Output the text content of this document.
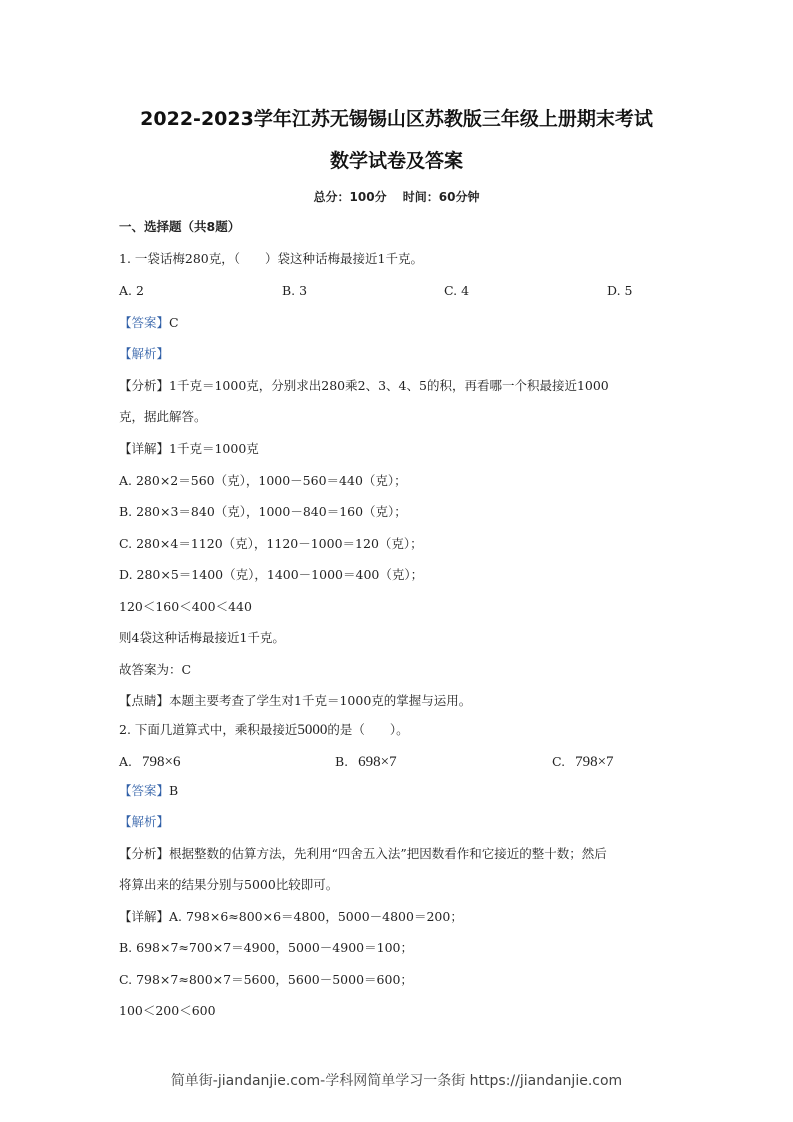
2022-2023学年江苏无锡锡山区苏教版三年级上册期末考试
数学试卷及答案
总分：100分 时间：60分钟
一、选择题（共8题）
1. 一袋话梅280克，（　　）袋这种话梅最接近1千克。
A. 2	B. 3	C. 4	D. 5
【答案】C
【解析】
【分析】1千克＝1000克，分别求出280乘2、3、4、5的积，再看哪一个积最接近1000
克，据此解答。
【详解】1千克＝1000克
A. 280×2＝560（克），1000－560＝440（克）；
B. 280×3＝840（克），1000－840＝160（克）；
C. 280×4＝1120（克），1120－1000＝120（克）；
D. 280×5＝1400（克），1400－1000＝400（克）；
120＜160＜400＜440
则4袋这种话梅最接近1千克。
故答案为：C
【点睛】本题主要考查了学生对1千克＝1000克的掌握与运用。
2. 下面几道算式中，乘积最接近5000的是（　　）。
A. 798×6	B. 698×7	C. 798×7
【答案】B
【解析】
【分析】根据整数的估算方法，先利用“四舍五入法”把因数看作和它接近的整十数；然后
将算出来的结果分别与5000比较即可。
【详解】A. 798×6≈800×6＝4800，5000－4800＝200；
B. 698×7≈700×7＝4900，5000－4900＝100；
C. 798×7≈800×7＝5600，5600－5000＝600；
100＜200＜600
简单街-jiandanjie.com-学科网简单学习一条街 https://jiandanjie.com
